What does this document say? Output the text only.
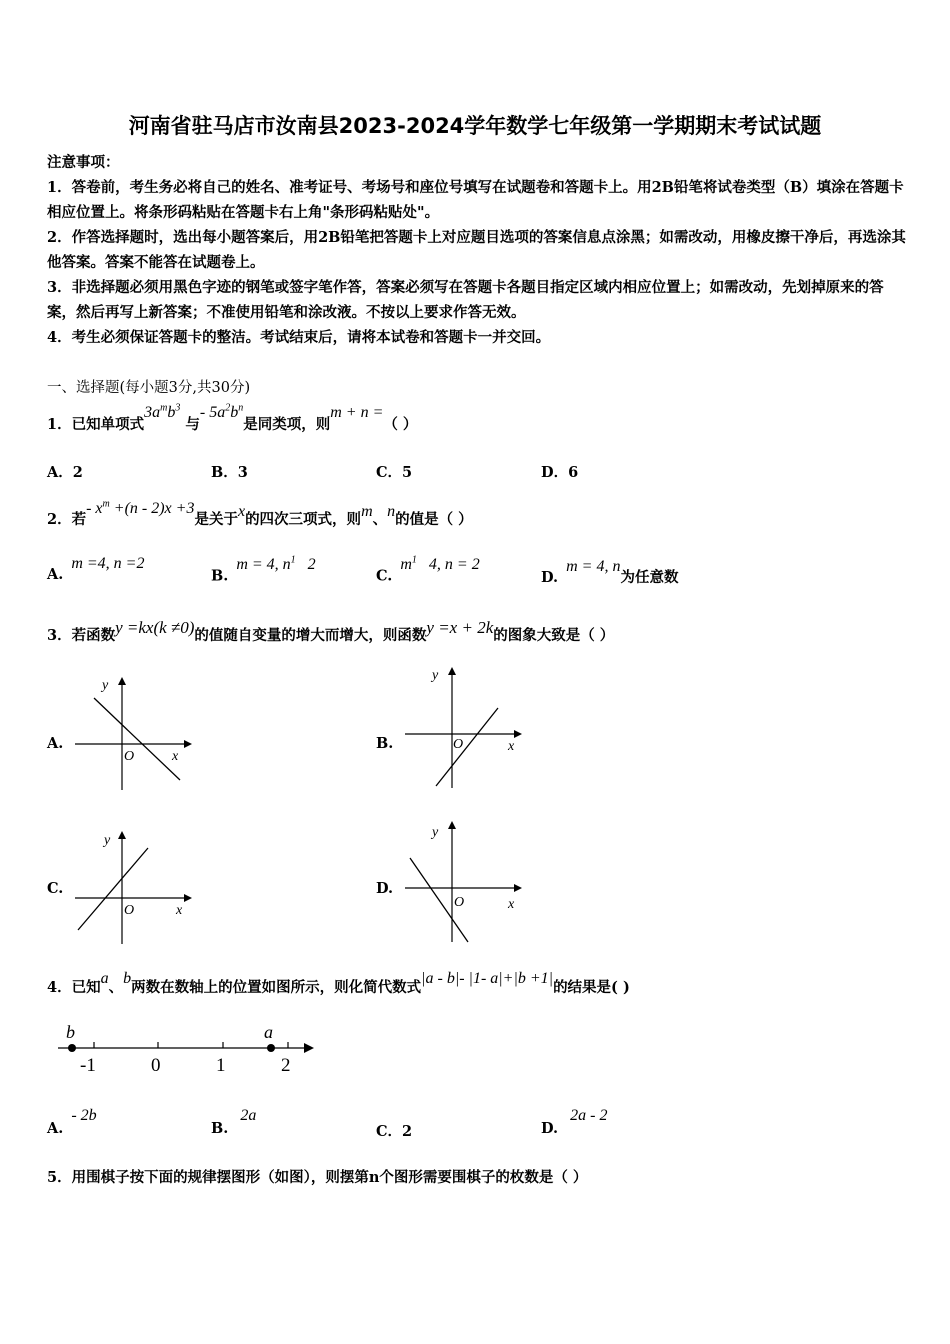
河南省驻马店市汝南县2023-2024学年数学七年级第一学期期末考试试题
注意事项：
1．答卷前，考生务必将自己的姓名、准考证号、考场号和座位号填写在试题卷和答题卡上。用2B铅笔将试卷类型（B）填涂在答题卡相应位置上。将条形码粘贴在答题卡右上角"条形码粘贴处"。
2．作答选择题时，选出每小题答案后，用2B铅笔把答题卡上对应题目选项的答案信息点涂黑；如需改动，用橡皮擦干净后，再选涂其他答案。答案不能答在试题卷上。
3．非选择题必须用黑色字迹的钢笔或签字笔作答，答案必须写在答题卡各题目指定区域内相应位置上；如需改动，先划掉原来的答案，然后再写上新答案；不准使用铅笔和涂改液。不按以上要求作答无效。
4．考生必须保证答题卡的整洁。考试结束后，请将本试卷和答题卡一并交回。
一、选择题(每小题3分,共30分)
1．已知单项式$3a^mb^3$ 与- $5a^2b^n$是同类项，则m + n =（ ）
A．2	B．3	C．5	D．6
2．若- $x^m +(n - 2)x +3$是关于x的四次三项式，则m、n的值是（ ）
A.m =4, n =2
B.m = 4, $n^1$ 2
$C.m^1$ 4, n = 2
D.m = 4, n为任意数
3．若函数y =kx(k ≠0)的值随自变量的增大而增大，则函数y =x + 2k的图象大致是（ ）
A.
x
y
O
B.	x
y
O
C.
x
y
O
D.
x
y
O
4．已知a、b两数在数轴上的位置如图所示，则化简代数式|a - b|- |1- a|+|b +1|的结果是( )
b	a
-1	0	1	2
A.- 2b
B.2a
C．2	D.2a - 2
5．用围棋子按下面的规律摆图形（如图），则摆第n个图形需要围棋子的枚数是（ ）
